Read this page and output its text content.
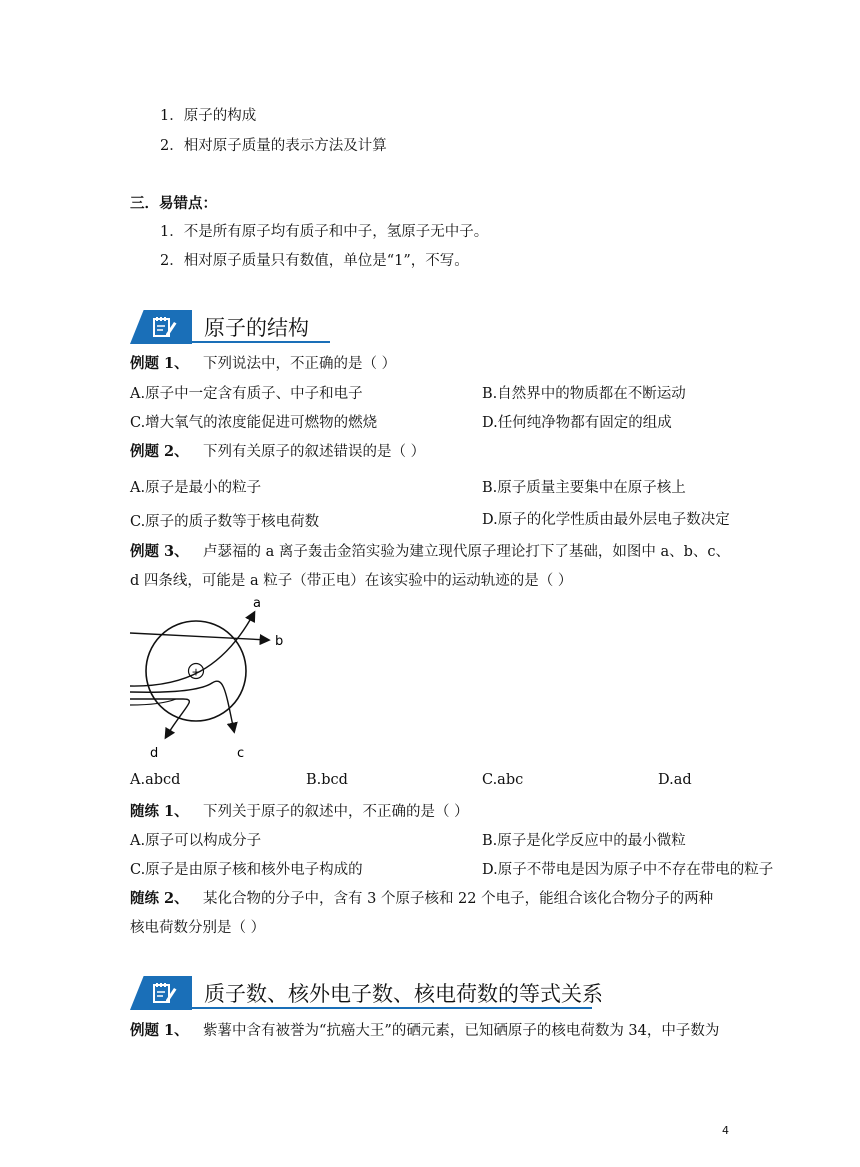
1．原子的构成
2．相对原子质量的表示方法及计算
三．易错点：
1．不是所有原子均有质子和中子，氢原子无中子。
2．相对原子质量只有数值，单位是“1”，不写。
原子的结构
例题 1、 下列说法中，不正确的是（ ）
A.原子中一定含有质子、中子和电子	B.自然界中的物质都在不断运动
C.增大氧气的浓度能促进可燃物的燃烧	D.任何纯净物都有固定的组成
例题 2、 下列有关原子的叙述错误的是（ ）
A.原子是最小的粒子	B.原子质量主要集中在原子核上
C.原子的质子数等于核电荷数	D.原子的化学性质由最外层电子数决定
例题 3、 卢瑟福的 a 离子轰击金箔实验为建立现代原子理论打下了基础，如图中 a、b、c、
d 四条线，可能是 a 粒子（带正电）在该实验中的运动轨迹的是（ ）
+
a
b
c
d
A.abcd	B.bcd	C.abc	D.ad
随练 1、 下列关于原子的叙述中，不正确的是（ ）
A.原子可以构成分子	B.原子是化学反应中的最小微粒
C.原子是由原子核和核外电子构成的	D.原子不带电是因为原子中不存在带电的粒子
随练 2、 某化合物的分子中，含有 3 个原子核和 22 个电子，能组合该化合物分子的两种
核电荷数分别是（ ）
质子数、核外电子数、核电荷数的等式关系
例题 1、 紫薯中含有被誉为“抗癌大王”的硒元素，已知硒原子的核电荷数为 34，中子数为
4
